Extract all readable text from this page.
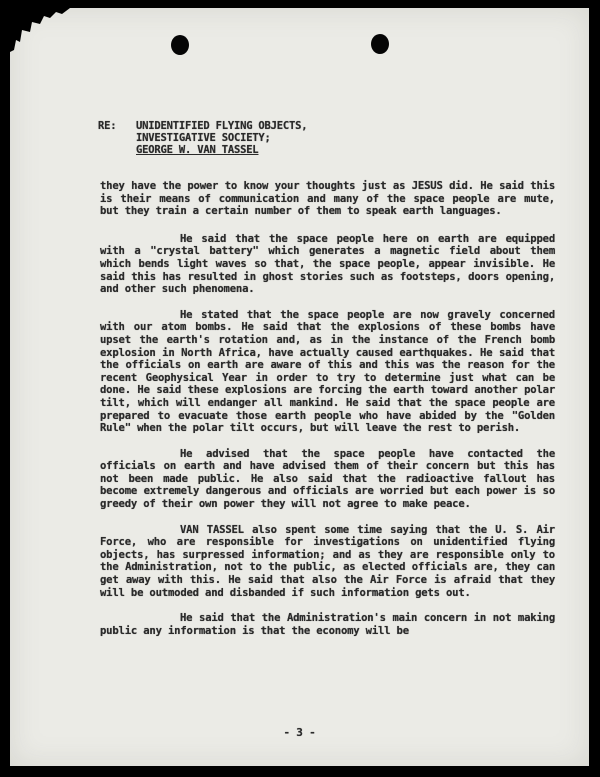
RE: UNIDENTIFIED FLYING OBJECTS,
INVESTIGATIVE SOCIETY;
GEORGE W. VAN TASSEL

they have the power to know your thoughts just as JESUS did. He said this is their means of communication and many of the space people are mute, but they train a certain number of them to speak earth languages.

He said that the space people here on earth are equipped with a "crystal battery" which generates a magnetic field about them which bends light waves so that, the space people, appear invisible. He said this has resulted in ghost stories such as footsteps, doors opening, and other such phenomena.

He stated that the space people are now gravely concerned with our atom bombs. He said that the explosions of these bombs have upset the earth's rotation and, as in the instance of the French bomb explosion in North Africa, have actually caused earthquakes. He said that the officials on earth are aware of this and this was the reason for the recent Geophysical Year in order to try to determine just what can be done. He said these explosions are forcing the earth toward another polar tilt, which will endanger all mankind. He said that the space people are prepared to evacuate those earth people who have abided by the "Golden Rule" when the polar tilt occurs, but will leave the rest to perish.

He advised that the space people have contacted the officials on earth and have advised them of their concern but this has not been made public. He also said that the radioactive fallout has become extremely dangerous and officials are worried but each power is so greedy of their own power they will not agree to make peace.

VAN TASSEL also spent some time saying that the U. S. Air Force, who are responsible for investigations on unidentified flying objects, has surpressed information; and as they are responsible only to the Administration, not to the public, as elected officials are, they can get away with this. He said that also the Air Force is afraid that they will be outmoded and disbanded if such information gets out.

He said that the Administration's main concern in not making public any information is that the economy will be

- 3 -
